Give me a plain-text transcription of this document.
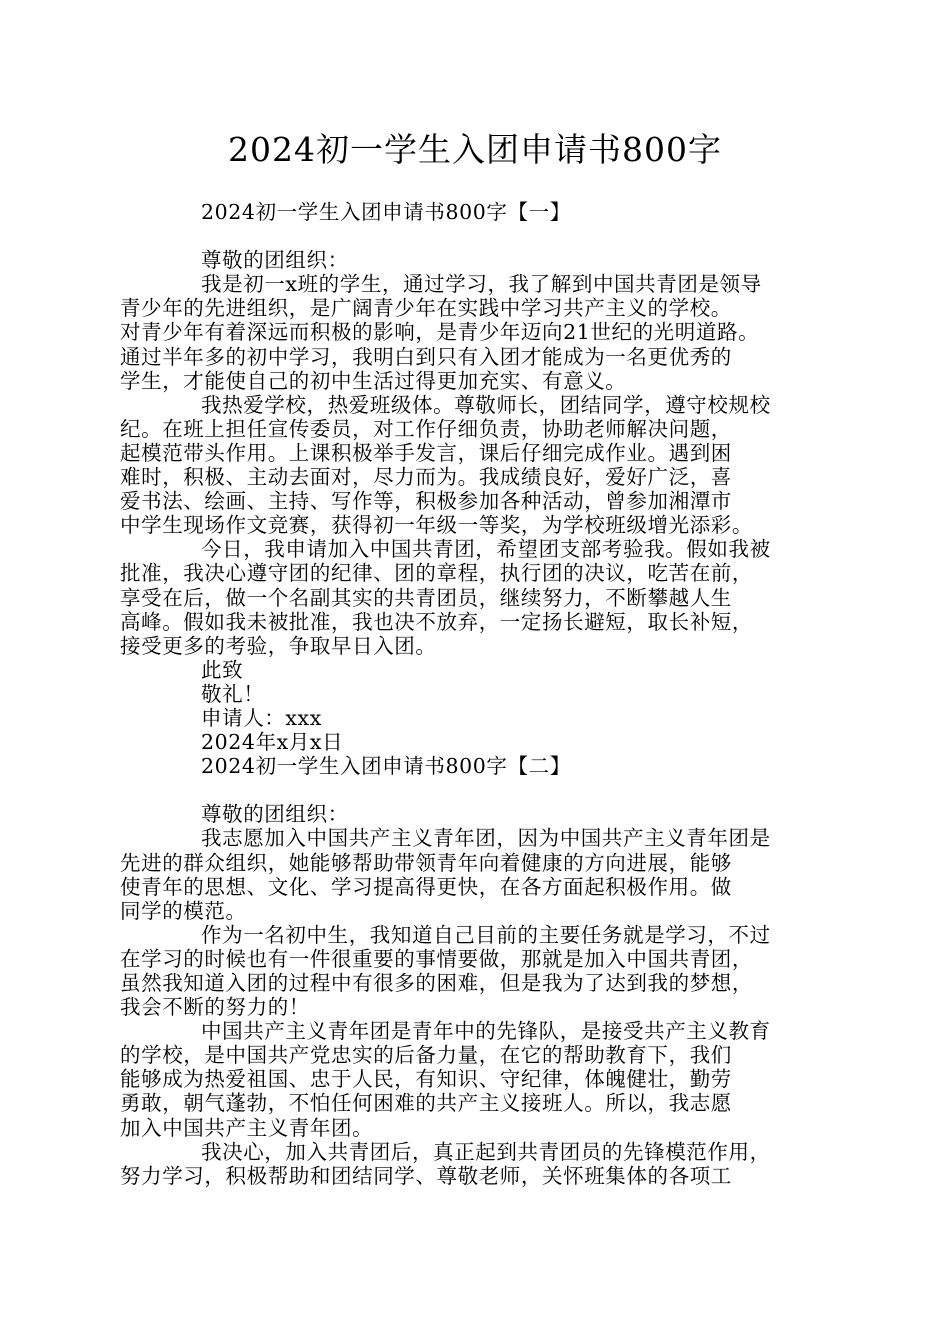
2024初一学生入团申请书800字
2024初一学生入团申请书800字【一】
尊敬的团组织：
我是初一x班的学生，通过学习，我了解到中国共青团是领导
青少年的先进组织，是广阔青少年在实践中学习共产主义的学校。
对青少年有着深远而积极的影响，是青少年迈向21世纪的光明道路。
通过半年多的初中学习，我明白到只有入团才能成为一名更优秀的
学生，才能使自己的初中生活过得更加充实、有意义。
我热爱学校，热爱班级体。尊敬师长，团结同学，遵守校规校
纪。在班上担任宣传委员，对工作仔细负责，协助老师解决问题，
起模范带头作用。上课积极举手发言，课后仔细完成作业。遇到困
难时，积极、主动去面对，尽力而为。我成绩良好，爱好广泛，喜
爱书法、绘画、主持、写作等，积极参加各种活动，曾参加湘潭市
中学生现场作文竞赛，获得初一年级一等奖，为学校班级增光添彩。
今日，我申请加入中国共青团，希望团支部考验我。假如我被
批准，我决心遵守团的纪律、团的章程，执行团的决议，吃苦在前，
享受在后，做一个名副其实的共青团员，继续努力，不断攀越人生
高峰。假如我未被批准，我也决不放弃，一定扬长避短，取长补短，
接受更多的考验，争取早日入团。
此致
敬礼！
申请人：xxx
2024年x月x日
2024初一学生入团申请书800字【二】
尊敬的团组织：
我志愿加入中国共产主义青年团，因为中国共产主义青年团是
先进的群众组织，她能够帮助带领青年向着健康的方向进展，能够
使青年的思想、文化、学习提高得更快，在各方面起积极作用。做
同学的模范。
作为一名初中生，我知道自己目前的主要任务就是学习，不过
在学习的时候也有一件很重要的事情要做，那就是加入中国共青团，
虽然我知道入团的过程中有很多的困难，但是我为了达到我的梦想，
我会不断的努力的！
中国共产主义青年团是青年中的先锋队，是接受共产主义教育
的学校，是中国共产党忠实的后备力量，在它的帮助教育下，我们
能够成为热爱祖国、忠于人民，有知识、守纪律，体魄健壮，勤劳
勇敢，朝气蓬勃，不怕任何困难的共产主义接班人。所以，我志愿
加入中国共产主义青年团。
我决心，加入共青团后，真正起到共青团员的先锋模范作用，
努力学习，积极帮助和团结同学、尊敬老师，关怀班集体的各项工
